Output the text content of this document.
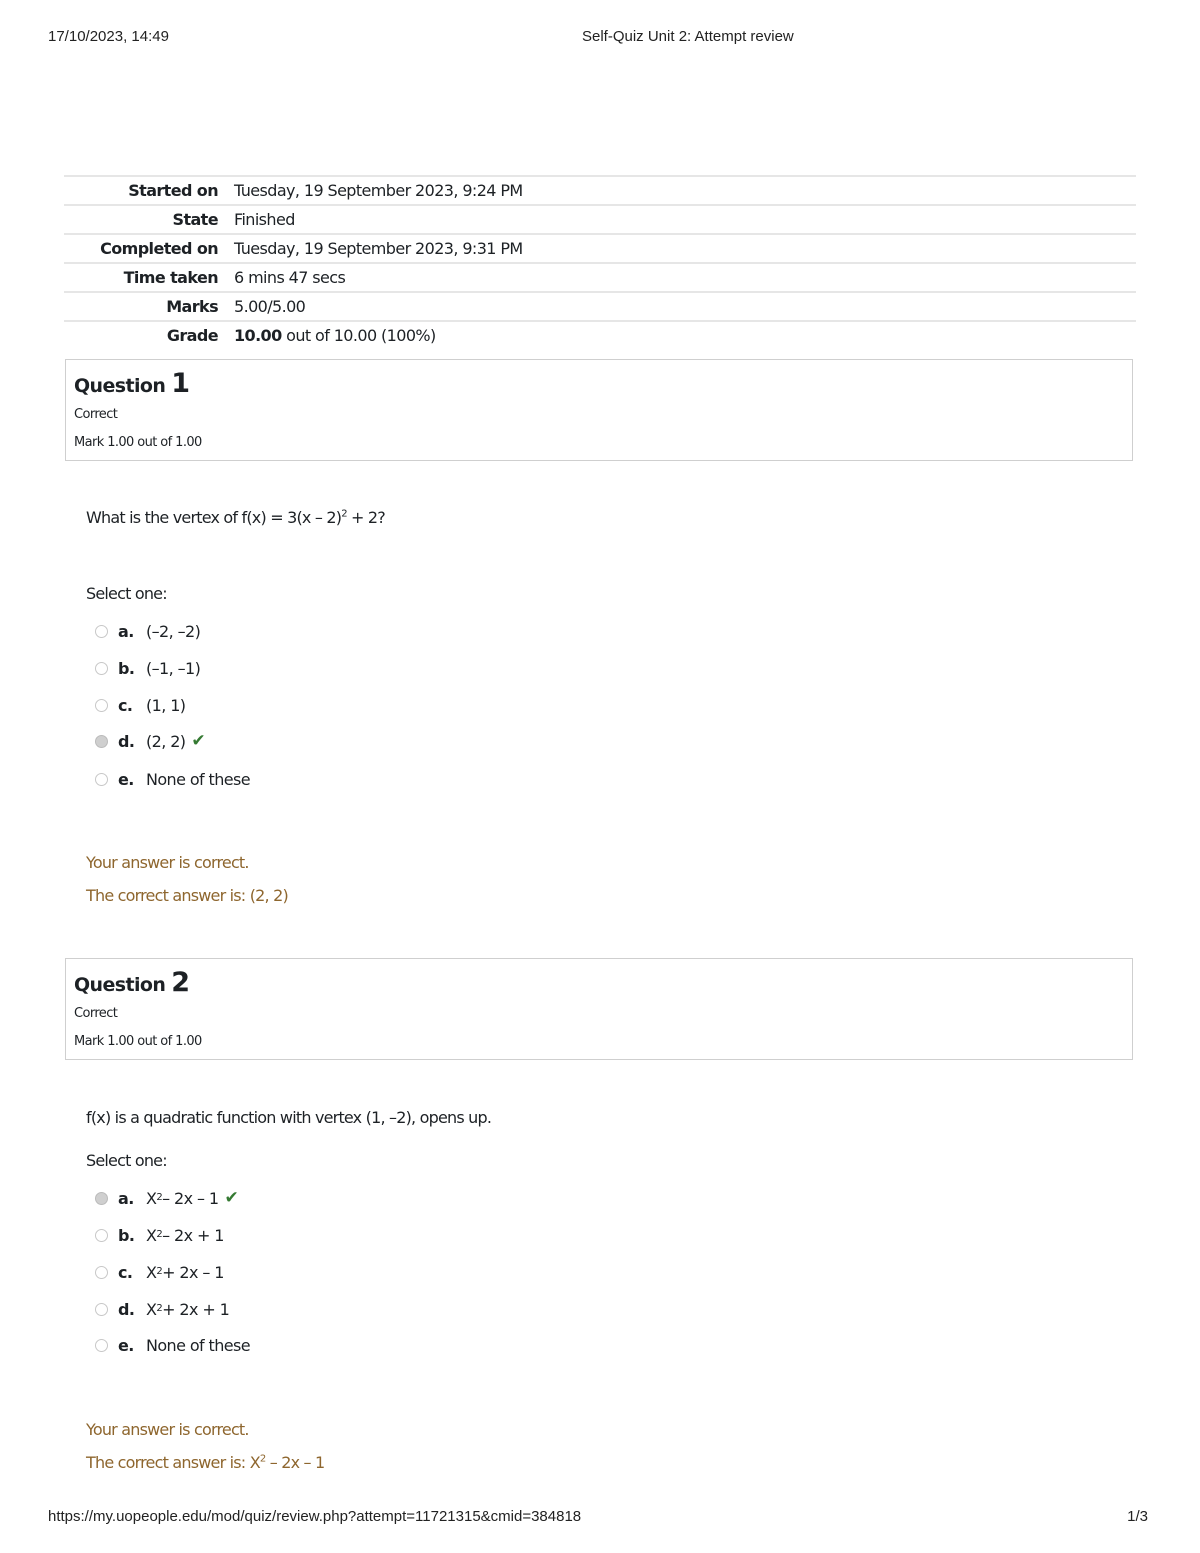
17/10/2023, 14:49	Self-Quiz Unit 2: Attempt review
Started on	Tuesday, 19 September 2023, 9:24 PM
State	Finished
Completed on	Tuesday, 19 September 2023, 9:31 PM
Time taken	6 mins 47 secs
Marks	5.00/5.00
Grade	10.00 out of 10.00 (100%)
Question 1
Correct
Mark 1.00 out of 1.00
What is the vertex of f(x) = 3(x – 2)$^2$ + 2?
Select one:
a. (–2, –2)
b. (–1, –1)
c. (1, 1)
d. (2, 2) ✔
e. None of these
Your answer is correct.
The correct answer is: (2, 2)
Question 2
Correct
Mark 1.00 out of 1.00
f(x) is a quadratic function with vertex (1, –2), opens up.
Select one:
a. X 2 – 2x – 1 ✔
b. X 2 – 2x + 1
c. X 2 + 2x – 1
d. X 2 + 2x + 1
e. None of these
Your answer is correct.
The correct answer is: $X^2 - 2x - 1$
https://my.uopeople.edu/mod/quiz/review.php?attempt=11721315&cmid=384818	1/3
